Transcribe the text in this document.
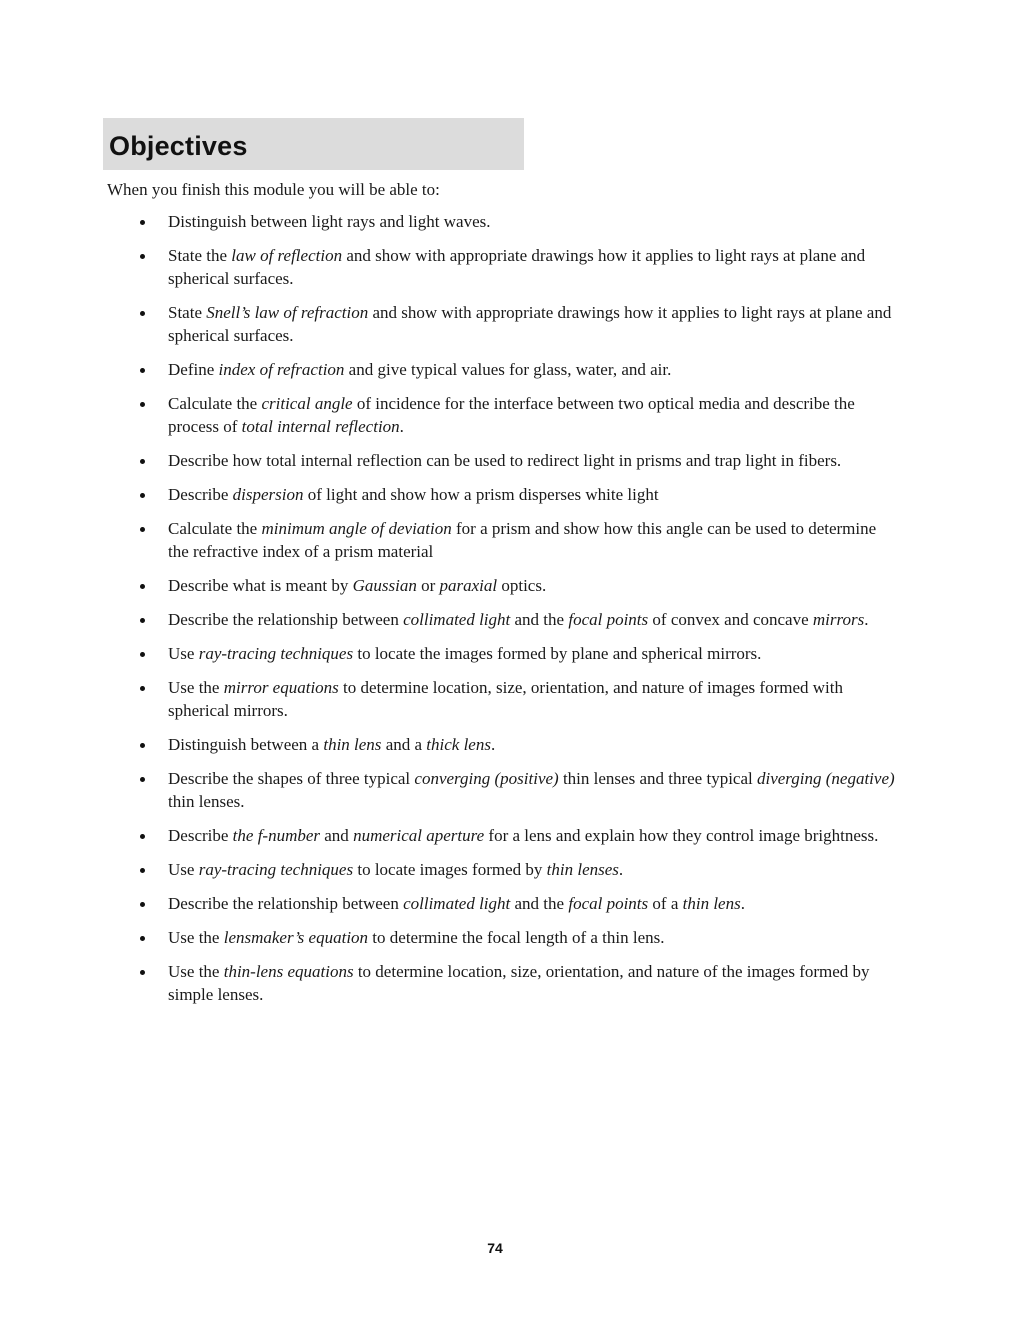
Objectives
When you finish this module you will be able to:
Distinguish between light rays and light waves.
State the law of reflection and show with appropriate drawings how it applies to light rays at plane and spherical surfaces.
State Snell’s law of refraction and show with appropriate drawings how it applies to light rays at plane and spherical surfaces.
Define index of refraction and give typical values for glass, water, and air.
Calculate the critical angle of incidence for the interface between two optical media and describe the process of total internal reflection.
Describe how total internal reflection can be used to redirect light in prisms and trap light in fibers.
Describe dispersion of light and show how a prism disperses white light
Calculate the minimum angle of deviation for a prism and show how this angle can be used to determine the refractive index of a prism material
Describe what is meant by Gaussian or paraxial optics.
Describe the relationship between collimated light and the focal points of convex and concave mirrors.
Use ray-tracing techniques to locate the images formed by plane and spherical mirrors.
Use the mirror equations to determine location, size, orientation, and nature of images formed with spherical mirrors.
Distinguish between a thin lens and a thick lens.
Describe the shapes of three typical converging (positive) thin lenses and three typical diverging (negative) thin lenses.
Describe the f-number and numerical aperture for a lens and explain how they control image brightness.
Use ray-tracing techniques to locate images formed by thin lenses.
Describe the relationship between collimated light and the focal points of a thin lens.
Use the lensmaker’s equation to determine the focal length of a thin lens.
Use the thin-lens equations to determine location, size, orientation, and nature of the images formed by simple lenses.
74
